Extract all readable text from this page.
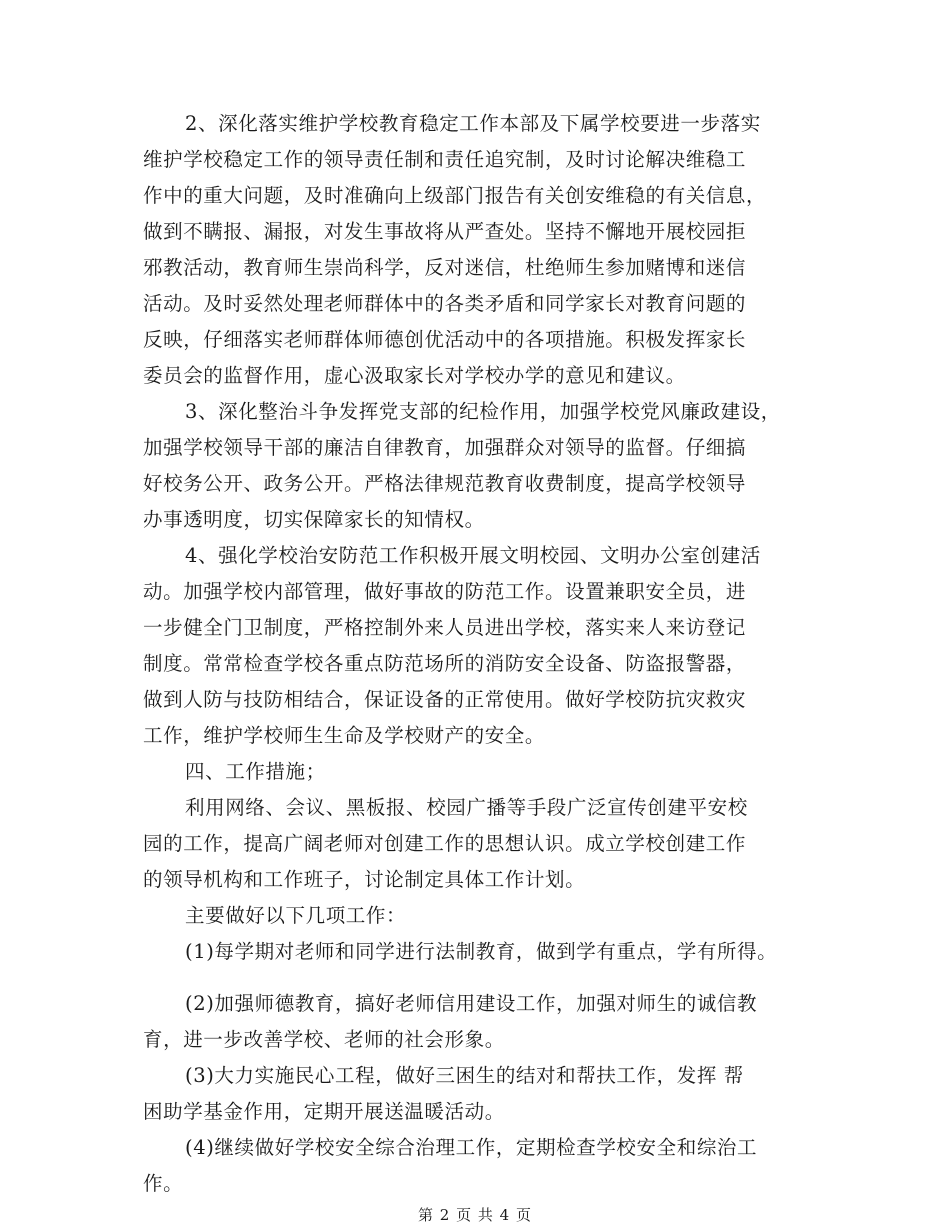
2、深化落实维护学校教育稳定工作本部及下属学校要进一步落实
维护学校稳定工作的领导责任制和责任追究制，及时讨论解决维稳工
作中的重大问题，及时准确向上级部门报告有关创安维稳的有关信息，
做到不瞒报、漏报，对发生事故将从严查处。坚持不懈地开展校园拒
邪教活动，教育师生崇尚科学，反对迷信，杜绝师生参加赌博和迷信
活动。及时妥然处理老师群体中的各类矛盾和同学家长对教育问题的
反映，仔细落实老师群体师德创优活动中的各项措施。积极发挥家长
委员会的监督作用，虚心汲取家长对学校办学的意见和建议。
3、深化整治斗争发挥党支部的纪检作用，加强学校党风廉政建设，
加强学校领导干部的廉洁自律教育，加强群众对领导的监督。仔细搞
好校务公开、政务公开。严格法律规范教育收费制度，提高学校领导
办事透明度，切实保障家长的知情权。
4、强化学校治安防范工作积极开展文明校园、文明办公室创建活
动。加强学校内部管理，做好事故的防范工作。设置兼职安全员，进
一步健全门卫制度，严格控制外来人员进出学校，落实来人来访登记
制度。常常检查学校各重点防范场所的消防安全设备、防盗报警器，
做到人防与技防相结合，保证设备的正常使用。做好学校防抗灾救灾
工作，维护学校师生生命及学校财产的安全。
四、工作措施；
利用网络、会议、黑板报、校园广播等手段广泛宣传创建平安校
园的工作，提高广阔老师对创建工作的思想认识。成立学校创建工作
的领导机构和工作班子，讨论制定具体工作计划。
主要做好以下几项工作：
(1)每学期对老师和同学进行法制教育，做到学有重点，学有所得。
(2)加强师德教育，搞好老师信用建设工作，加强对师生的诚信教
育，进一步改善学校、老师的社会形象。
(3)大力实施民心工程，做好三困生的结对和帮扶工作，发挥 帮
困助学基金作用，定期开展送温暖活动。
第 2 页 共 4 页
(4)继续做好学校安全综合治理工作，定期检查学校安全和综治工
作。
